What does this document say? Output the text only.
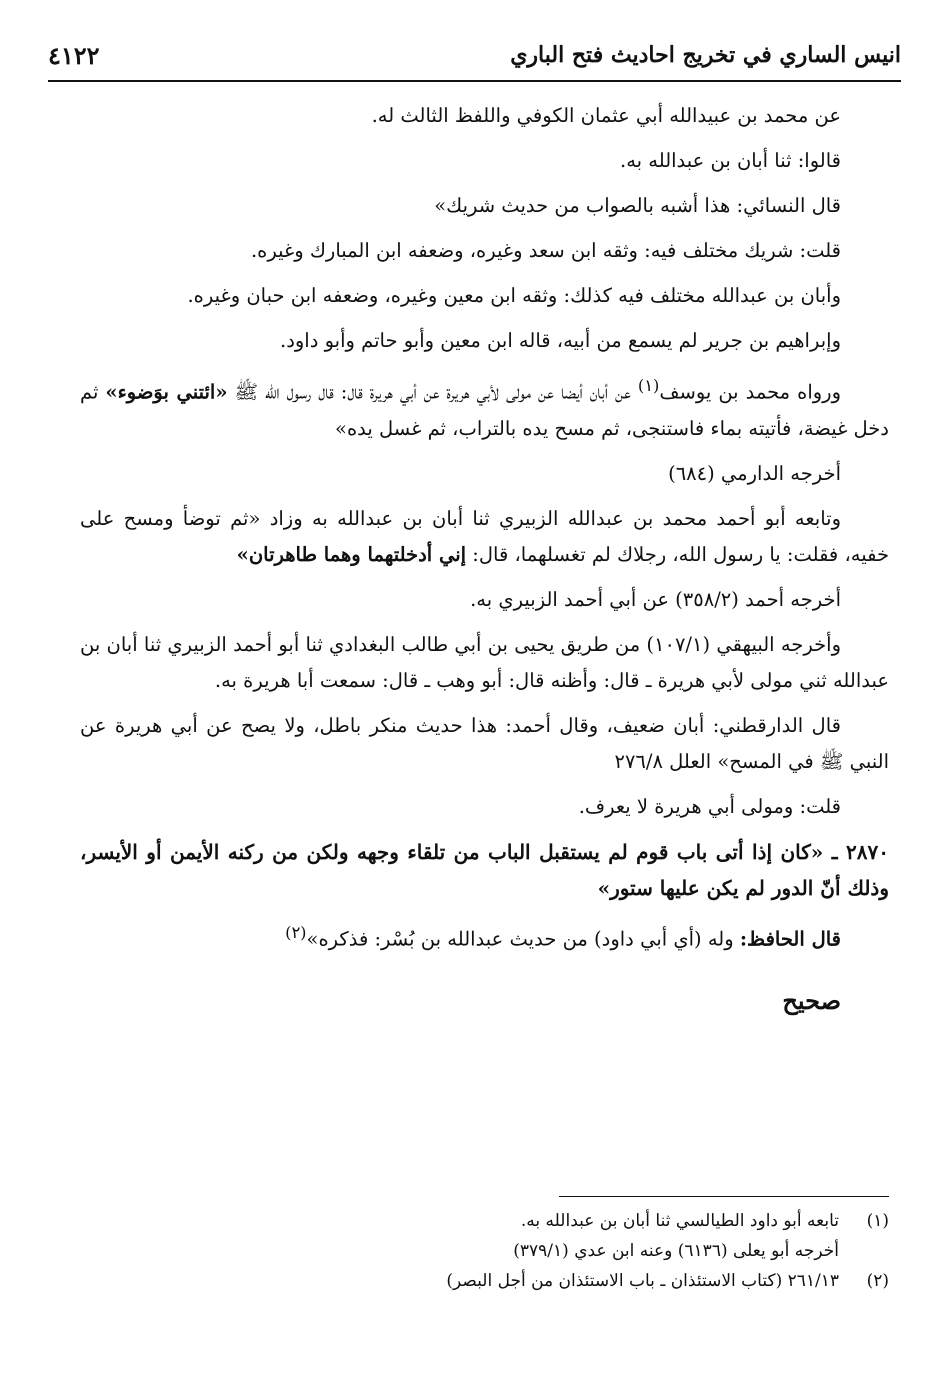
انيس الساري في تخريج احاديث فتح الباري
٤١٢٢

عن محمد بن عبيدالله أبي عثمان الكوفي واللفظ الثالث له.

قالوا: ثنا أبان بن عبدالله به.

قال النسائي: هذا أشبه بالصواب من حديث شريك»

قلت: شريك مختلف فيه: وثقه ابن سعد وغيره، وضعفه ابن المبارك وغيره.

وأبان بن عبدالله مختلف فيه كذلك: وثقه ابن معين وغيره، وضعفه ابن حبان وغيره.

وإبراهيم بن جرير لم يسمع من أبيه، قاله ابن معين وأبو حاتم وأبو داود.

ورواه محمد بن يوسف$^{(١)}$ عن أبان أيضا عن مولى لأبي هريرة عن أبي هريرة قال: قال رسول الله ﷺ «ائتني بوَضوء» ثم دخل غيضة، فأتيته بماء فاستنجى، ثم مسح يده بالتراب، ثم غسل يده»

أخرجه الدارمي (٦٨٤)

وتابعه أبو أحمد محمد بن عبدالله الزبيري ثنا أبان بن عبدالله به وزاد «ثم توضأ ومسح على خفيه، فقلت: يا رسول الله، رجلاك لم تغسلهما، قال: إني أدخلتهما وهما طاهرتان»

أخرجه أحمد (٣٥٨/٢) عن أبي أحمد الزبيري به.

وأخرجه البيهقي (١٠٧/١) من طريق يحيى بن أبي طالب البغدادي ثنا أبو أحمد الزبيري ثنا أبان بن عبدالله ثني مولى لأبي هريرة ـ قال: وأظنه قال: أبو وهب ـ قال: سمعت أبا هريرة به.

قال الدارقطني: أبان ضعيف، وقال أحمد: هذا حديث منكر باطل، ولا يصح عن أبي هريرة عن النبي ﷺ في المسح» العلل ٢٧٦/٨

قلت: ومولى أبي هريرة لا يعرف.

٢٨٧٠ ـ «كان إذا أتى باب قوم لم يستقبل الباب من تلقاء وجهه ولكن من ركنه الأيمن أو الأيسر، وذلك أنّ الدور لم يكن عليها ستور»

قال الحافظ: وله (أي أبي داود) من حديث عبدالله بن بُسْر: فذكره»$^{(٢)}$

صحيح
(١)
تابعه أبو داود الطيالسي ثنا أبان بن عبدالله به.
أخرجه أبو يعلى (٦١٣٦) وعنه ابن عدي (٣٧٩/١)
(٢)
٢٦١/١٣ (كتاب الاستئذان ـ باب الاستئذان من أجل البصر)
